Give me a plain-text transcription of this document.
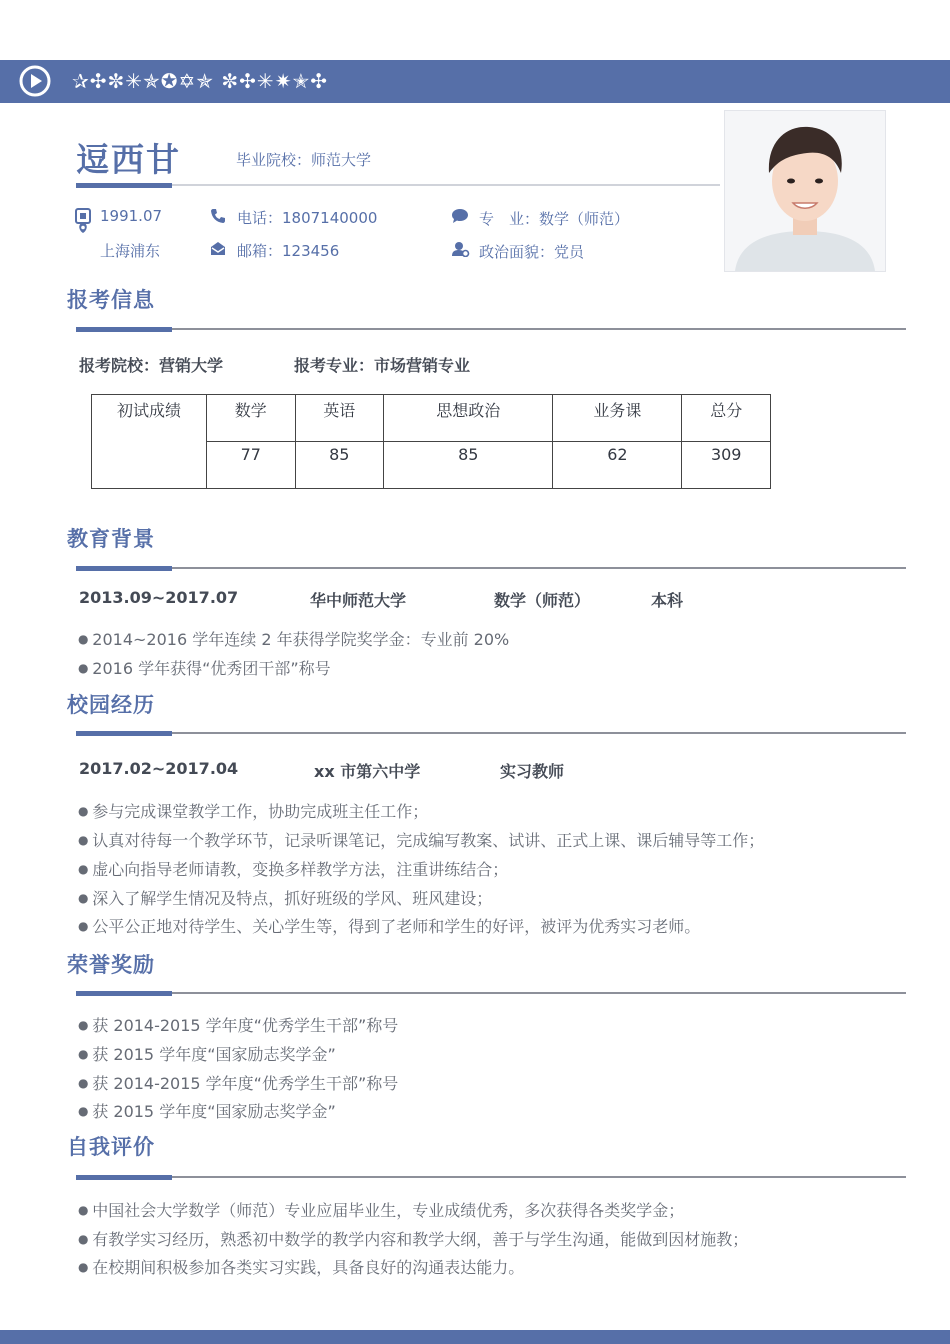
✰✣✼✳✯✪✡✯ ✼✣✳✷✭✣
逗西甘	毕业院校：师范大学
1991.07
上海浦东
电话：1807140000
邮箱：123456
专　业：数学（师范）
政治面貌：党员
报考信息
报考院校：营销大学	报考专业：市场营销专业
初试成绩	数学	英语	思想政治	业务课	总分
	77	85	85	62	309
教育背景
2013.09~2017.07	华中师范大学	数学（师范）	本科
● 2014~2016 学年连续 2 年获得学院奖学金：专业前 20%
● 2016 学年获得“优秀团干部”称号
校园经历
2017.02~2017.04	xx 市第六中学	实习教师
● 参与完成课堂教学工作，协助完成班主任工作；
● 认真对待每一个教学环节，记录听课笔记，完成编写教案、试讲、正式上课、课后辅导等工作；
● 虚心向指导老师请教，变换多样教学方法，注重讲练结合；
● 深入了解学生情况及特点，抓好班级的学风、班风建设；
● 公平公正地对待学生、关心学生等，得到了老师和学生的好评，被评为优秀实习老师。
荣誉奖励
● 获 2014-2015 学年度“优秀学生干部”称号
● 获 2015 学年度“国家励志奖学金”
● 获 2014-2015 学年度“优秀学生干部”称号
● 获 2015 学年度“国家励志奖学金”
自我评价
● 中国社会大学数学（师范）专业应届毕业生，专业成绩优秀，多次获得各类奖学金；
● 有教学实习经历，熟悉初中数学的教学内容和教学大纲，善于与学生沟通，能做到因材施教；
● 在校期间积极参加各类实习实践，具备良好的沟通表达能力。
